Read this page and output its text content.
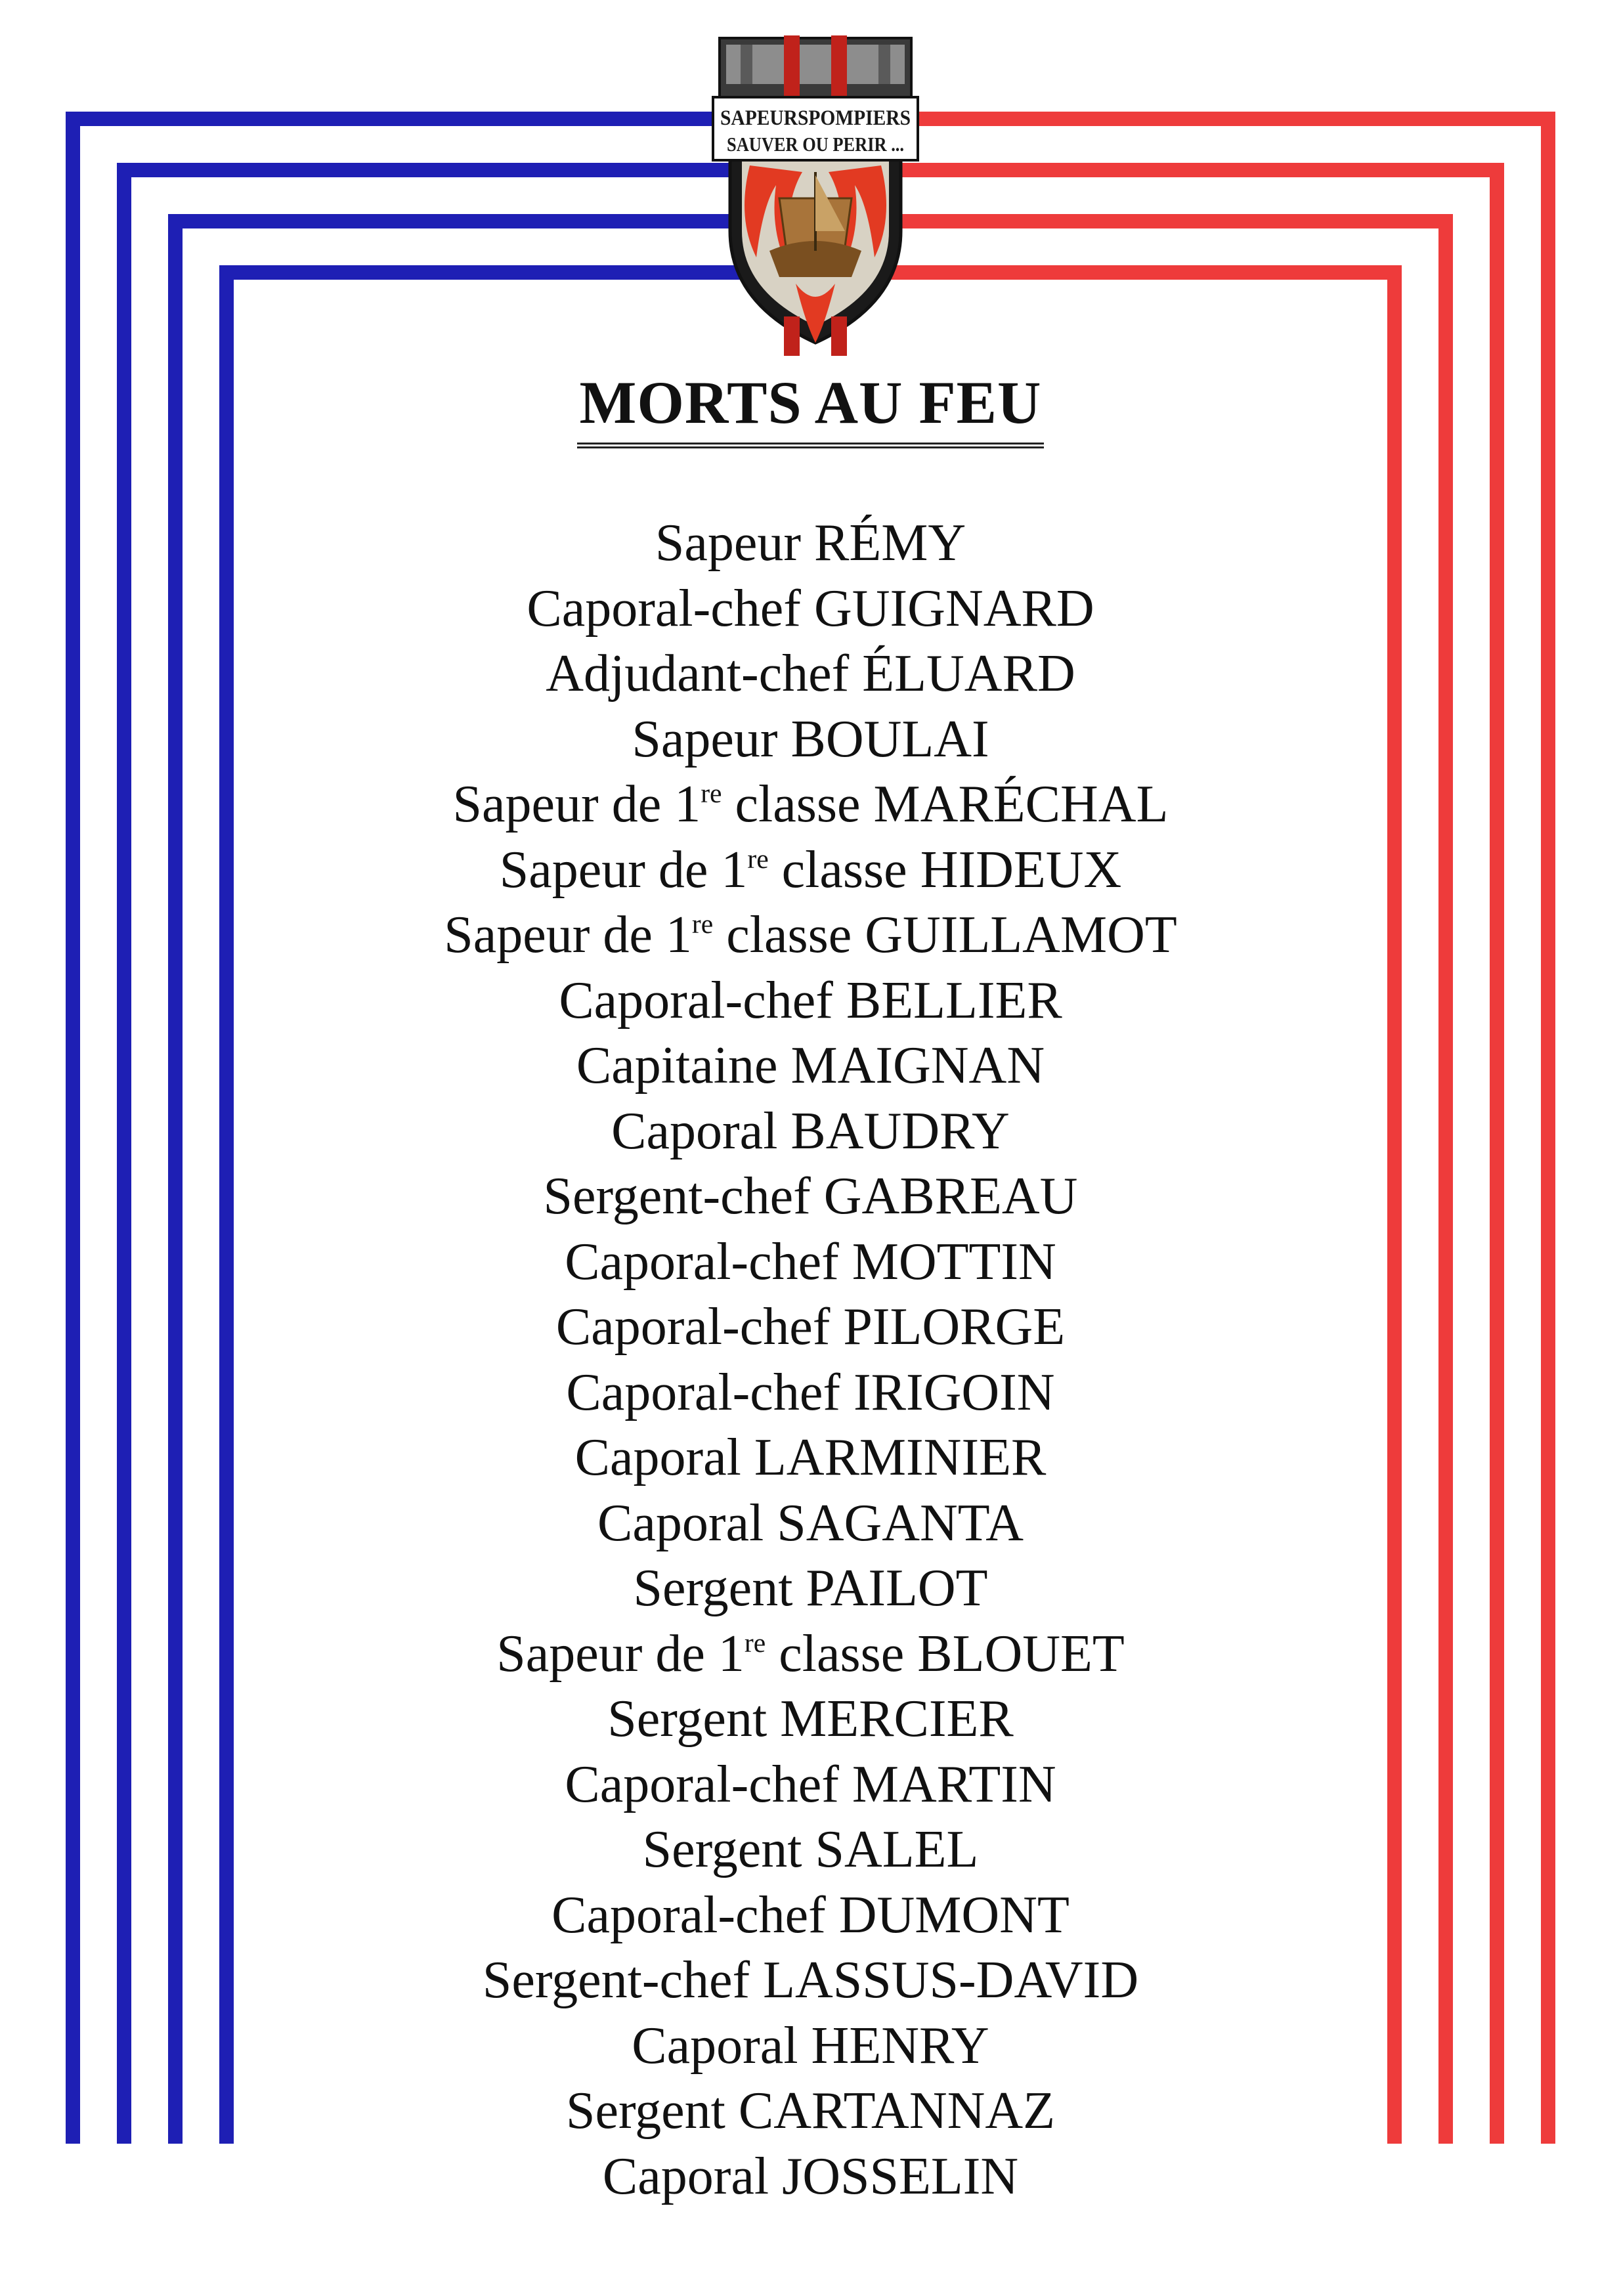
SAPEURSPOMPIERS
SAUVER OU PERIR ...
MORTS AU FEU
Sapeur RÉMY
Caporal-chef GUIGNARD
Adjudant-chef ÉLUARD
Sapeur BOULAI
Sapeur de 1re classe MARÉCHAL
Sapeur de 1re classe HIDEUX
Sapeur de 1re classe GUILLAMOT
Caporal-chef BELLIER
Capitaine MAIGNAN
Caporal BAUDRY
Sergent-chef GABREAU
Caporal-chef MOTTIN
Caporal-chef PILORGE
Caporal-chef IRIGOIN
Caporal LARMINIER
Caporal SAGANTA
Sergent PAILOT
Sapeur de 1re classe BLOUET
Sergent MERCIER
Caporal-chef MARTIN
Sergent SALEL
Caporal-chef DUMONT
Sergent-chef LASSUS-DAVID
Caporal HENRY
Sergent CARTANNAZ
Caporal JOSSELIN
